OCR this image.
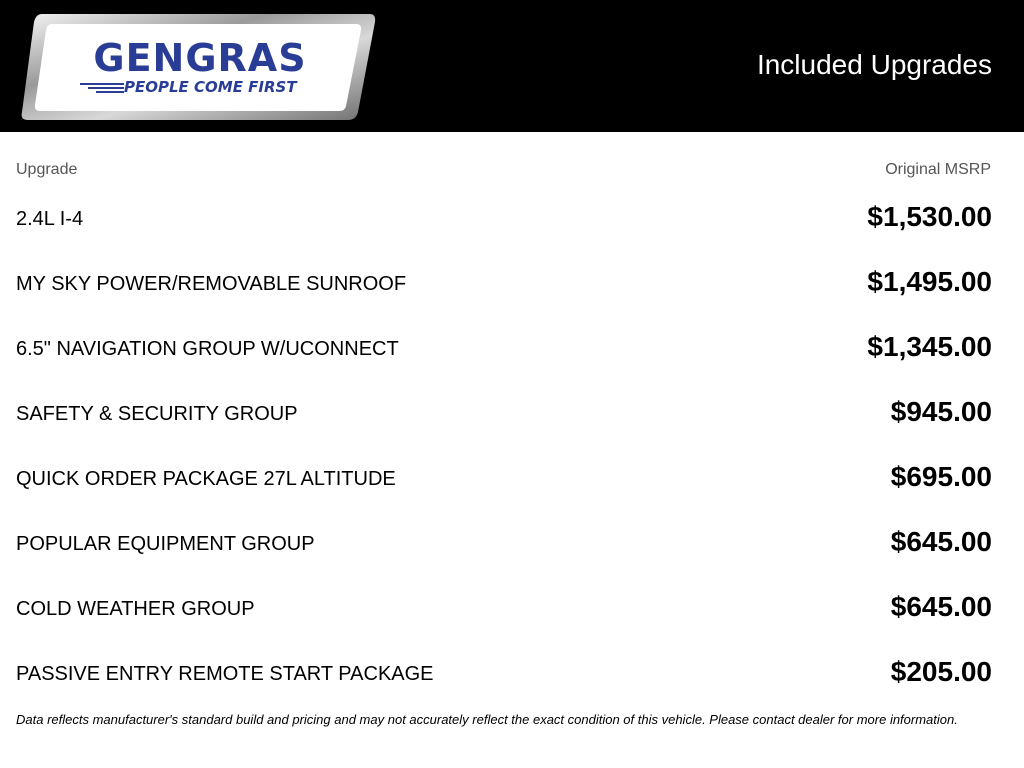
GENGRAS
PEOPLE COME FIRST
Included Upgrades
Upgrade	Original MSRP
2.4L I-4	$1,530.00
MY SKY POWER/REMOVABLE SUNROOF	$1,495.00
6.5" NAVIGATION GROUP W/UCONNECT	$1,345.00
SAFETY & SECURITY GROUP	$945.00
QUICK ORDER PACKAGE 27L ALTITUDE	$695.00
POPULAR EQUIPMENT GROUP	$645.00
COLD WEATHER GROUP	$645.00
PASSIVE ENTRY REMOTE START PACKAGE	$205.00
Data reflects manufacturer's standard build and pricing and may not accurately reflect the exact condition of this vehicle. Please contact dealer for more information.
